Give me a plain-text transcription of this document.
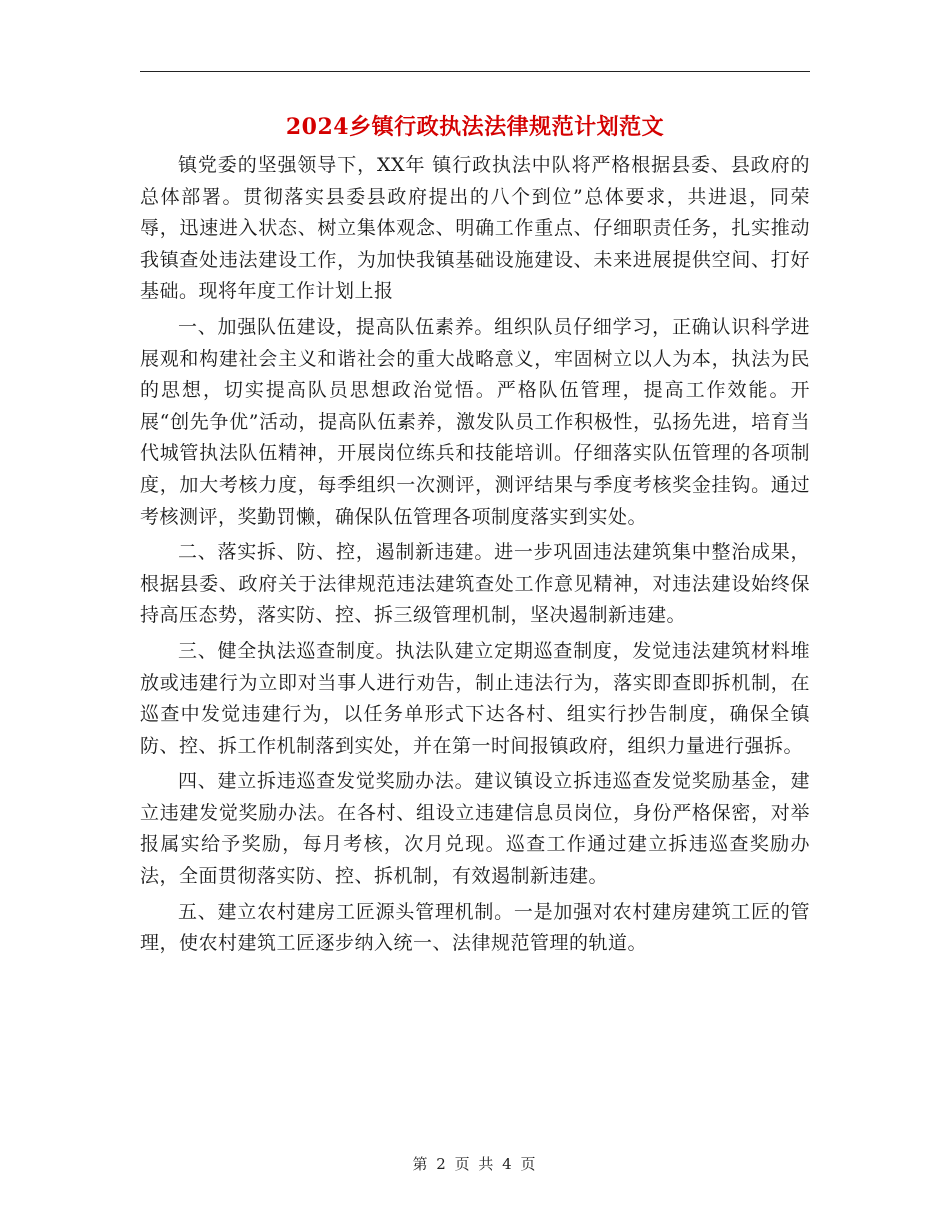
2024乡镇行政执法法律规范计划范文

镇党委的坚强领导下，XX年 镇行政执法中队将严格根据县委、县政府的总体部署。贯彻落实县委县政府提出的八个到位”总体要求，共进退，同荣辱，迅速进入状态、树立集体观念、明确工作重点、仔细职责任务，扎实推动我镇查处违法建设工作，为加快我镇基础设施建设、未来进展提供空间、打好基础。现将年度工作计划上报

一、加强队伍建设，提高队伍素养。组织队员仔细学习，正确认识科学进展观和构建社会主义和谐社会的重大战略意义，牢固树立以人为本，执法为民的思想，切实提高队员思想政治觉悟。严格队伍管理，提高工作效能。开展“创先争优”活动，提高队伍素养，激发队员工作积极性，弘扬先进，培育当代城管执法队伍精神，开展岗位练兵和技能培训。仔细落实队伍管理的各项制度，加大考核力度，每季组织一次测评，测评结果与季度考核奖金挂钩。通过考核测评，奖勤罚懒，确保队伍管理各项制度落实到实处。

二、落实拆、防、控，遏制新违建。进一步巩固违法建筑集中整治成果，根据县委、政府关于法律规范违法建筑查处工作意见精神，对违法建设始终保持高压态势，落实防、控、拆三级管理机制，坚决遏制新违建。

三、健全执法巡查制度。执法队建立定期巡查制度，发觉违法建筑材料堆放或违建行为立即对当事人进行劝告，制止违法行为，落实即查即拆机制，在巡查中发觉违建行为，以任务单形式下达各村、组实行抄告制度，确保全镇防、控、拆工作机制落到实处，并在第一时间报镇政府，组织力量进行强拆。

四、建立拆违巡查发觉奖励办法。建议镇设立拆违巡查发觉奖励基金，建立违建发觉奖励办法。在各村、组设立违建信息员岗位，身份严格保密，对举报属实给予奖励，每月考核，次月兑现。巡查工作通过建立拆违巡查奖励办法，全面贯彻落实防、控、拆机制，有效遏制新违建。

五、建立农村建房工匠源头管理机制。一是加强对农村建房建筑工匠的管理，使农村建筑工匠逐步纳入统一、法律规范管理的轨道。

第 2 页 共 4 页
